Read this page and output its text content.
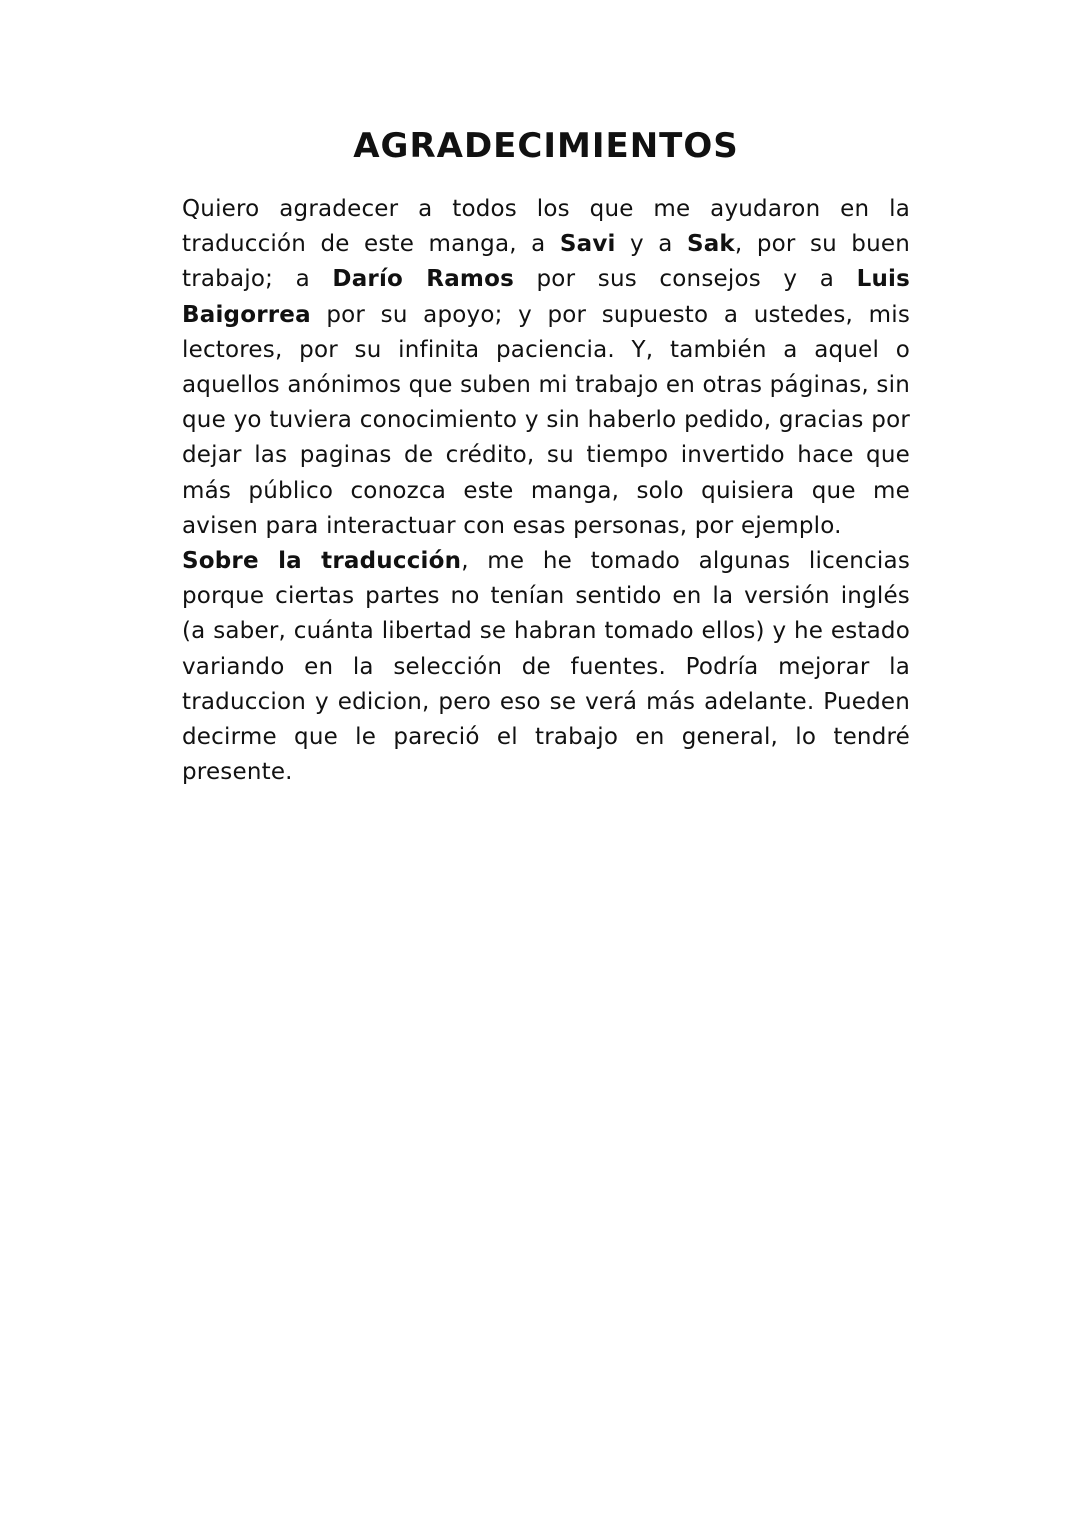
AGRADECIMIENTOS

Quiero agradecer a todos los que me ayudaron en la traducción de este manga, a Savi y a Sak, por su buen trabajo; a Darío Ramos por sus consejos y a Luis Baigorrea por su apoyo; y por supuesto a ustedes, mis lectores, por su infinita paciencia. Y, también a aquel o aquellos anónimos que suben mi trabajo en otras páginas, sin que yo tuviera conocimiento y sin haberlo pedido, gracias por dejar las paginas de crédito, su tiempo invertido hace que más público conozca este manga, solo quisiera que me avisen para interactuar con esas personas, por ejemplo.

Sobre la traducción, me he tomado algunas licencias porque ciertas partes no tenían sentido en la versión inglés (a saber, cuánta libertad se habran tomado ellos) y he estado variando en la selección de fuentes. Podría mejorar la traduccion y edicion, pero eso se verá más adelante. Pueden decirme que le pareció el trabajo en general, lo tendré presente.
